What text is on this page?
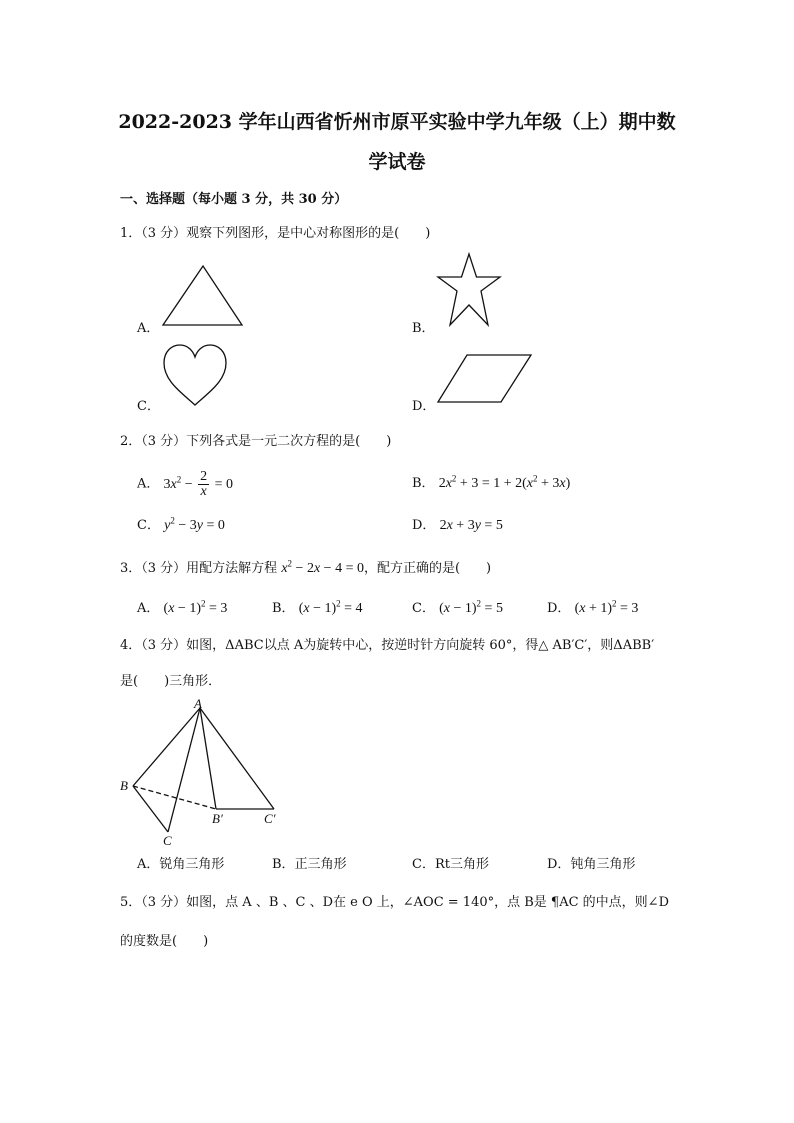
2022-2023 学年山西省忻州市原平实验中学九年级（上）期中数
学试卷
一、选择题（每小题 3 分，共 30 分）
1．（3 分）观察下列图形，是中心对称图形的是(　　)
A．	B．
C．	D．
2．（3 分）下列各式是一元二次方程的是(　　)
A． $3x^2 - \frac{2}{x} = 0$	B． $2x^2 + 3 = 1 + 2(x^2 + 3x)$
C． $y^2 - 3y = 0$	D． 2x + 3y = 5
3．（3 分）用配方法解方程 $x^2 - 2x - 4 = 0$，配方正确的是(　　)
A． $(x - 1)^2 = 3$	B． $(x - 1)^2 = 4$	C． $(x - 1)^2 = 5$	D． $(x + 1)^2 = 3$
4．（3 分）如图，ΔABC以点 A为旋转中心，按逆时针方向旋转 60°，得△ AB′C′，则ΔABB′
是(　　)三角形．
A
B
C
B′	C′
A．锐角三角形	B．正三角形	C．Rt三角形	D．钝角三角形
5．（3 分）如图，点 A 、B 、C 、D在 e O 上，∠AOC = 140°，点 B是 ¶AC 的中点，则∠D
的度数是(　　)
